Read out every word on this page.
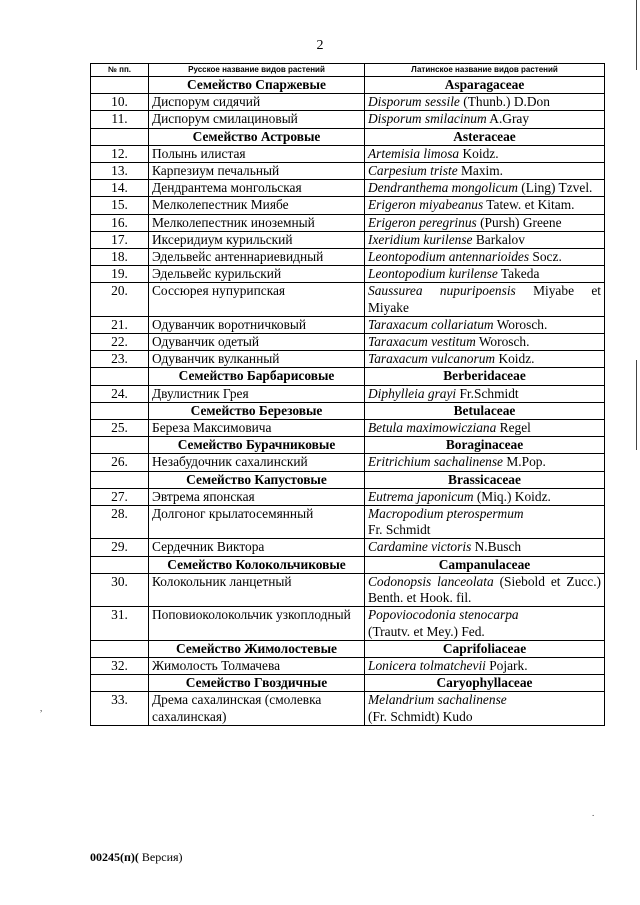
2
№ пп.	Русское название видов растений	Латинское название видов растений
	Семейство Спаржевые	Asparagaceae
10.	Диспорум сидячий	Disporum sessile (Thunb.) D.Don
11.	Диспорум смилациновый	Disporum smilacinum A.Gray
	Семейство Астровые	Asteraceae
12.	Полынь илистая	Artemisia limosa Koidz.
13.	Карпезиум печальный	Carpesium triste Maxim.
14.	Дендрантема монгольская	Dendranthema mongolicum (Ling) Tzvel.
15.	Мелколепестник Миябе	Erigeron miyabeanus Tatew. et Kitam.
16.	Мелколепестник иноземный	Erigeron peregrinus (Pursh) Greene
17.	Иксеридиум курильский	Ixeridium kurilense Barkalov
18.	Эдельвейс антеннариевидный	Leontopodium antennarioides Socz.
19.	Эдельвейс курильский	Leontopodium kurilense Takeda
20.	Соссюрея нупурипская	Saussurea nupuripoensis Miyabe et Miyake
21.	Одуванчик воротничковый	Taraxacum collariatum Worosch.
22.	Одуванчик одетый	Taraxacum vestitum Worosch.
23.	Одуванчик вулканный	Taraxacum vulcanorum Koidz.
	Семейство Барбарисовые	Berberidaceae
24.	Двулистник Грея	Diphylleia grayi Fr.Schmidt
	Семейство Березовые	Betulaceae
25.	Береза Максимовича	Betula maximowicziana Regel
	Семейство Бурачниковые	Boraginaceae
26.	Незабудочник сахалинский	Eritrichium sachalinense M.Pop.
	Семейство Капустовые	Brassicaceae
27.	Эвтрема японская	Eutrema japonicum (Miq.) Koidz.
28.	Долгоног крылатосемянный	Macropodium pterospermum
Fr. Schmidt
29.	Сердечник Виктора	Cardamine victoris N.Busch
	Семейство Колокольчиковые	Campanulaceae
30.	Колокольник ланцетный	Codonopsis lanceolata (Siebold et Zucc.) Benth. et Hook. fil.
31.	Поповиоколокольчик узкоплодный	Popoviocodonia stenocarpa
(Trautv. et Mey.) Fed.
	Семейство Жимолостевые	Caprifoliaceae
32.	Жимолость Толмачева	Lonicera tolmatchevii Pojark.
	Семейство Гвоздичные	Caryophyllaceae
33.	Дрема сахалинская (смолевка сахалинская)	Melandrium sachalinense
(Fr. Schmidt) Kudo
00245(п)( Версия)
,
.
